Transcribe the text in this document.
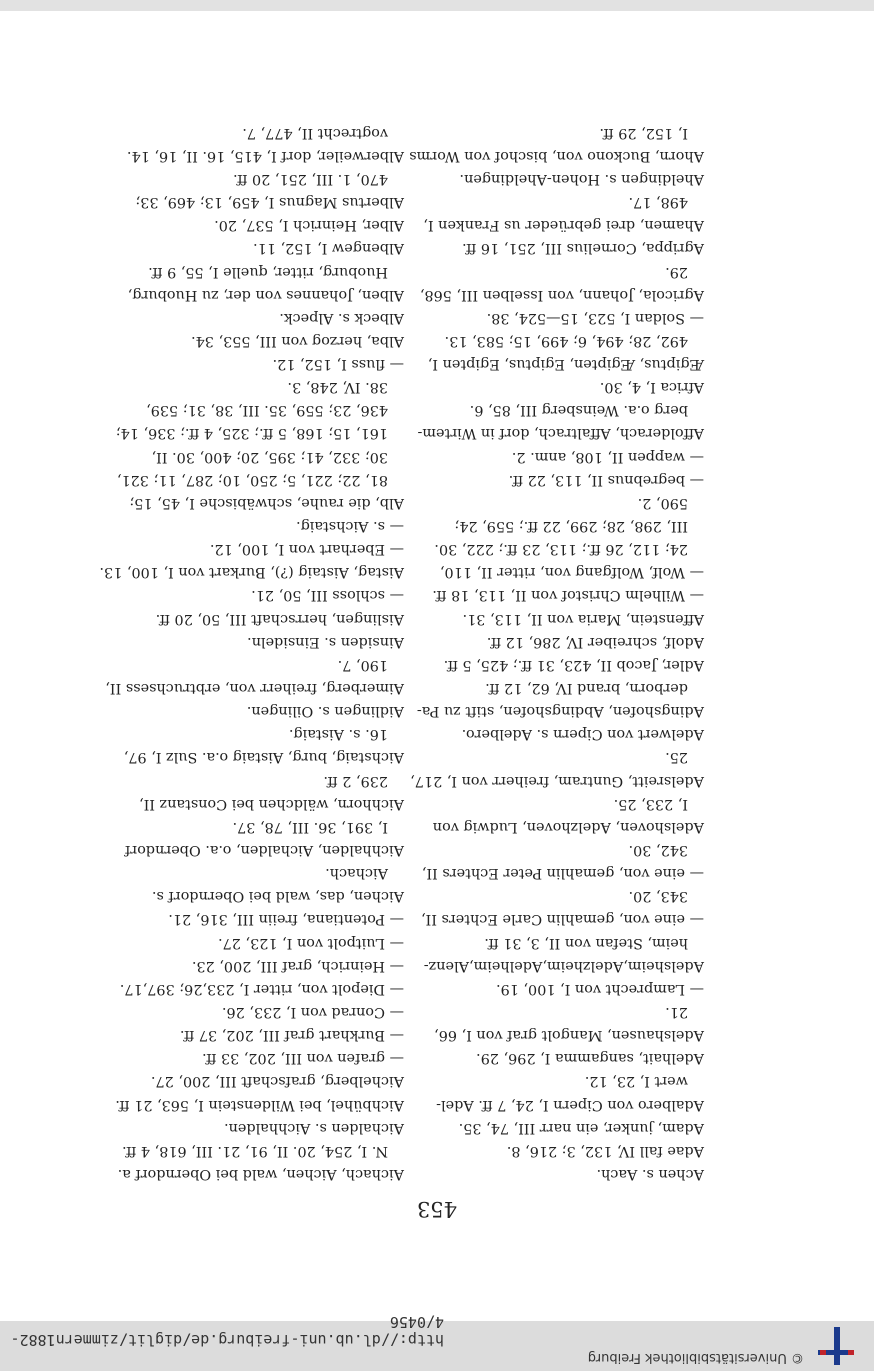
© Universitätsbibliothek Freiburg
http://dl.ub.uni-freiburg.de/diglit/zimmern1882-4/0456
453
Achen s. Aach.
Adae fall IV, 132, 3; 216, 8.
Adam, junker, ein narr III, 74, 35.
Adalbero von Cipern I, 24, 7 ff. Adel-
wert I, 23, 12.
Adelhait, sangamma I, 296, 29.
Adelshausen, Mangolt graf von I, 66,
21.
— Lamprecht von I, 100, 19.
Adelsheim,Adelzheim,Adelheim,Alenz-
heim, Stefan von II, 3, 31 ff.
— eine von, gemahlin Carle Echters II,
343, 20.
— eine von, gemahlin Peter Echters II,
342, 30.
Adelshoven, Adelzhoven, Ludwig von
I, 233, 25.
Adelsreitt, Guntram, freiherr von I, 217,
25.
Adelwert von Cipern s. Adelbero.
Adingshofen, Abdingshofen, stift zu Pa-
derborn, brand IV, 62, 12 ff.
Adler, Jacob II, 423, 31 ff.; 425, 5 ff.
Adolf, schreiber IV, 286, 12 ff.
Affenstein, Maria von II, 113, 31.
— Wilhelm Christof von II, 113, 18 ff.
— Wolf, Wolfgang von, ritter II, 110,
24; 112, 26 ff.; 113, 23 ff.; 222, 30.
III, 298, 28; 299, 22 ff.; 559, 24;
590, 2.
— begrebnus II, 113, 22 ff.
— wappen II, 108, anm. 2.
Affolderach, Affaltrach, dorf in Wirtem-
berg o.a. Weinsberg III, 85, 6.
Africa I, 4, 30.
Ægiptus, Ægipten, Egiptus, Egipten I,
492, 28; 494, 6; 499, 15; 583, 13.
— Soldan I, 523, 15—524, 38.
Agricola, Johann, von Isselben III, 568,
29.
Agrippa, Cornelius III, 251, 16 ff.
Ahamen, drei gebrüeder us Franken I,
498, 17.
Aheldingen s. Hohen-Aheldingen.
Ahorn, Buckono von, bischof von Worms
I, 152, 29 ff.
Aichach, Aichen, wald bei Oberndorf a.
N. I, 254, 20. II, 91, 21. III, 618, 4 ff.
Aichalden s. Aichhalden.
Aichbühel, bei Wildenstein I, 563, 21 ff.
Aichelberg, grafschaft III, 200, 27.
— grafen von III, 202, 33 ff.
— Burkhart graf III, 202, 37 ff.
— Conrad von I, 233, 26.
— Diepolt von, ritter I, 233,26; 397,17.
— Heinrich, graf III, 200, 23.
— Luitpolt von I, 123, 27.
— Potentiana, freiin III, 316, 21.
Aichen, das, wald bei Oberndorf s.
Aichach.
Aichhalden, Aichalden, o.a. Oberndorf
I, 391, 36. III, 78, 37.
Aichhorn, wäldchen bei Constanz II,
239, 2 ff.
Aichstaig, burg, Aistaig o.a. Sulz I, 97,
16. s. Aistaig.
Aidlingen s. Oilingen.
Aimerberg, freiherr von, erbtruchsess II,
190, 7.
Ainsiden s. Einsideln.
Aislingen, herrschaft III, 50, 20 ff.
— schloss III, 50, 21.
Aistag, Aistaig (?), Burkart von I, 100, 13.
— Eberhart von I, 100, 12.
— s. Aichstaig.
Alb, die rauhe, schwäbische I, 45, 15;
81, 22; 221, 5; 250, 10; 287, 11; 321,
30; 332, 41; 395, 20; 400, 30. II,
161, 15; 168, 5 ff.; 325, 4 ff.; 336, 14;
436, 23; 559, 35. III, 38, 31; 539,
38. IV, 248, 3.
— fluss I, 152, 12.
Alba, herzog von III, 553, 34.
Albeck s. Alpeck.
Alben, Johannes von der, zu Huoburg,
Huoburg, ritter, quelle I, 55, 9 ff.
Albengew I, 152, 11.
Alber, Heinrich I, 537, 20.
Albertus Magnus I, 459, 13; 469, 33;
470, 1. III, 251, 20 ff.
Alberweiler, dorf I, 415, 16. II, 16, 14.
vogtrecht II, 477, 7.
